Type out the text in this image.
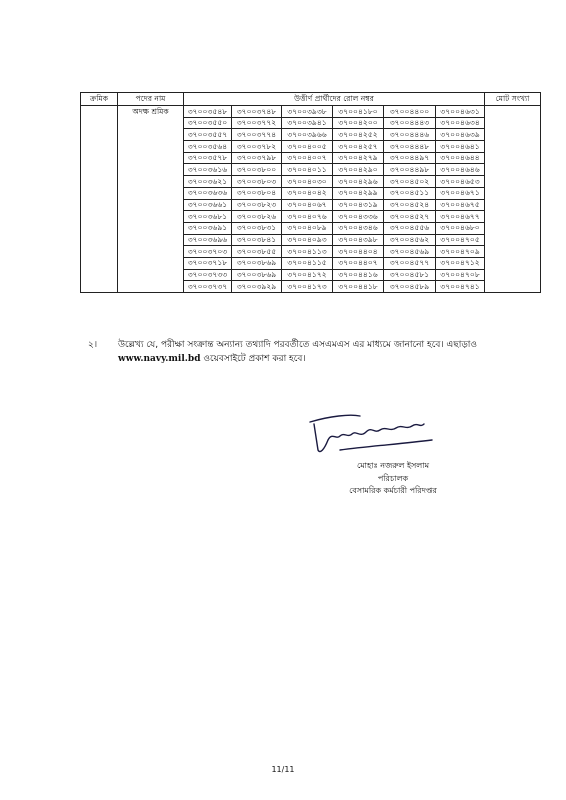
ক্রমিক	পদের নাম	উত্তীর্ণ প্রার্থীদের রোল নম্বর						মোট সংখ্যা
	অদক্ষ শ্রমিক	৩৭০০৩৫৪৮	৩৭০০৩৭৪৮	৩৭০০৩৯৩৮	৩৭০০৪১৮০	৩৭০০৪৪০০	৩৭০০৪৬৩১	
		৩৭০০৩৫৫০	৩৭০০৩৭৭২	৩৭০০৩৯৪১	৩৭০০৪২০০	৩৭০০৪৪৪৩	৩৭০০৪৬৩৪	
		৩৭০০৩৫৫৭	৩৭০০৩৭৭৪	৩৭০০৩৯৬৬	৩৭০০৪২৫২	৩৭০০৪৪৪৬	৩৭০০৪৬৩৯	
		৩৭০০৩৫৬৪	৩৭০০৩৭৮২	৩৭০০৪০০৫	৩৭০০৪২৫৭	৩৭০০৪৪৪৮	৩৭০০৪৬৪১	
		৩৭০০৩৫৭৮	৩৭০০৩৭৯৮	৩৭০০৪০০৭	৩৭০০৪২৭৯	৩৭০০৪৪৯৭	৩৭০০৪৬৪৪	
		৩৭০০৩৬১৬	৩৭০০৩৮০০	৩৭০০৪০১১	৩৭০০৪২৯০	৩৭০০৪৪৯৮	৩৭০০৪৬৪৬	
		৩৭০০৩৬২১	৩৭০০৩৮০৩	৩৭০০৪০৩০	৩৭০০৪২৯৬	৩৭০০৪৫০২	৩৭০০৪৬৫৩	
		৩৭০০৩৬৩৬	৩৭০০৩৮০৪	৩৭০০৪০৪২	৩৭০০৪২৯৯	৩৭০০৪৫১১	৩৭০০৪৬৭১	
		৩৭০০৩৬৬১	৩৭০০৩৮২৩	৩৭০০৪০৬৭	৩৭০০৪৩১৯	৩৭০০৪৫২৪	৩৭০০৪৬৭৫	
		৩৭০০৩৬৮১	৩৭০০৩৮২৬	৩৭০০৪০৭৬	৩৭০০৪৩৩৬	৩৭০০৪৫২৭	৩৭০০৪৬৭৭	
		৩৭০০৩৬৯১	৩৭০০৩৮৩১	৩৭০০৪০৮৯	৩৭০০৪৩৪৬	৩৭০০৪৫৫৬	৩৭০০৪৬৮০	
		৩৭০০৩৬৯৬	৩৭০০৩৮৪১	৩৭০০৪০৯৩	৩৭০০৪৩৯৮	৩৭০০৪৫৬২	৩৭০০৪৭০৫	
		৩৭০০৩৭০৩	৩৭০০৩৮৫৫	৩৭০০৪১১৩	৩৭০০৪৪০৪	৩৭০০৪৫৬৯	৩৭০০৪৭০৯	
		৩৭০০৩৭১৮	৩৭০০৩৮৬৯	৩৭০০৪১১৫	৩৭০০৪৪০৭	৩৭০০৪৫৭৭	৩৭০০৪৭১২	
		৩৭০০৩৭৩৩	৩৭০০৩৮৬৯	৩৭০০৪১৭২	৩৭০০৪৪১৬	৩৭০০৪৫৮১	৩৭০০৪৭০৮	
		৩৭০০৩৭৩৭	৩৭০০৩৯২৯	৩৭০০৪১৭৩	৩৭০০৪৪১৮	৩৭০০৪৫৮৯	৩৭০০৪৭৪১	
২। উল্লেখ্য যে, পরীক্ষা সংক্রান্ত অন্যান্য তথ্যাদি পরবর্তীতে এসএমএস এর মাধ্যমে জানানো হবে। এছাড়াও
www.navy.mil.bd ওয়েবসাইটে প্রকাশ করা হবে।
মোহাঃ নজরুল ইসলাম
পরিচালক
বেসামরিক কর্মচারী পরিদপ্তর
11/11
